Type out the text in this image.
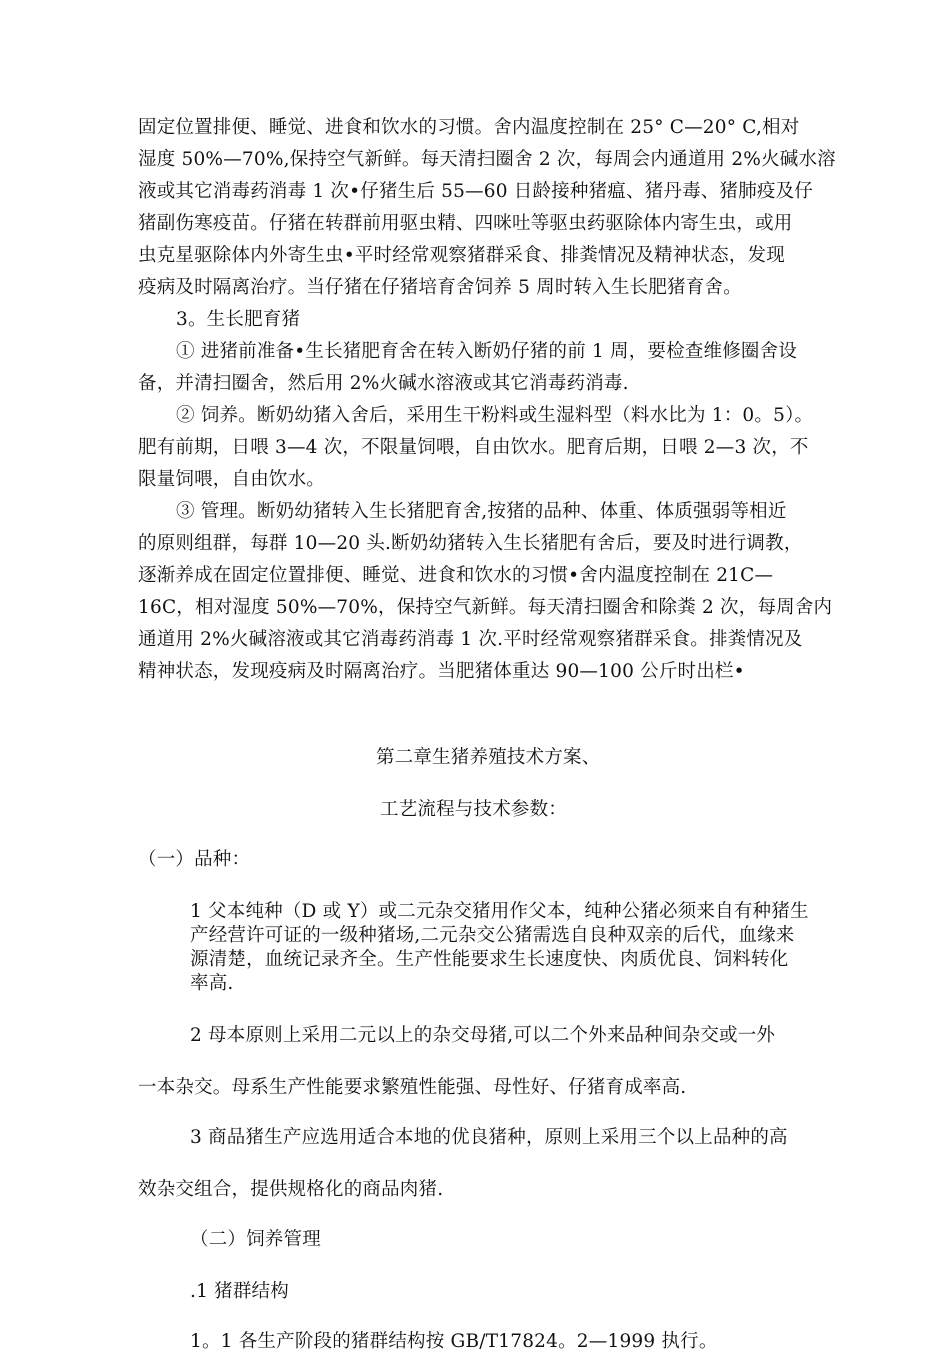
固定位置排便、睡觉、进食和饮水的习惯。舍内温度控制在 25° C—20° C,相对
湿度 50%—70%,保持空气新鲜。每天清扫圈舍 2 次，每周会内通道用 2%火碱水溶
液或其它消毒药消毒 1 次•仔猪生后 55—60 日龄接种猪瘟、猪丹毒、猪肺疫及仔
猪副伤寒疫苗。仔猪在转群前用驱虫精、四咪吐等驱虫药驱除体内寄生虫，或用
虫克星驱除体内外寄生虫•平时经常观察猪群采食、排粪情况及精神状态，发现
疫病及时隔离治疗。当仔猪在仔猪培育舍饲养 5 周时转入生长肥猪育舍。
3。生长肥育猪
① 进猪前准备•生长猪肥育舍在转入断奶仔猪的前 1 周，要检查维修圈舍设
备，并清扫圈舍，然后用 2%火碱水溶液或其它消毒药消毒.
② 饲养。断奶幼猪入舍后，采用生干粉料或生湿料型（料水比为 1：0。5）。
肥有前期，日喂 3—4 次，不限量饲喂，自由饮水。肥育后期，日喂 2—3 次，不
限量饲喂，自由饮水。
③ 管理。断奶幼猪转入生长猪肥育舍,按猪的品种、体重、体质强弱等相近
的原则组群，每群 10—20 头.断奶幼猪转入生长猪肥有舍后，要及时进行调教，
逐渐养成在固定位置排便、睡觉、进食和饮水的习惯•舍内温度控制在 21C—
16C，相对湿度 50%—70%，保持空气新鲜。每天清扫圈舍和除粪 2 次，每周舍内
通道用 2%火碱溶液或其它消毒药消毒 1 次.平时经常观察猪群采食。排粪情况及
精神状态，发现疫病及时隔离治疗。当肥猪体重达 90—100 公斤时出栏•
第二章生猪养殖技术方案、
工艺流程与技术参数：
（一）品种：
1 父本纯种（D 或 Y）或二元杂交猪用作父本，纯种公猪必须来自有种猪生
产经营许可证的一级种猪场,二元杂交公猪需选自良种双亲的后代，血缘来
源清楚，血统记录齐全。生产性能要求生长速度快、肉质优良、饲料转化
率高.
2 母本原则上采用二元以上的杂交母猪,可以二个外来品种间杂交或一外
一本杂交。母系生产性能要求繁殖性能强、母性好、仔猪育成率高.
3 商品猪生产应选用适合本地的优良猪种，原则上采用三个以上品种的高
效杂交组合，提供规格化的商品肉猪.
（二）饲养管理
.1 猪群结构
1。1 各生产阶段的猪群结构按 GB/T17824。2—1999 执行。
